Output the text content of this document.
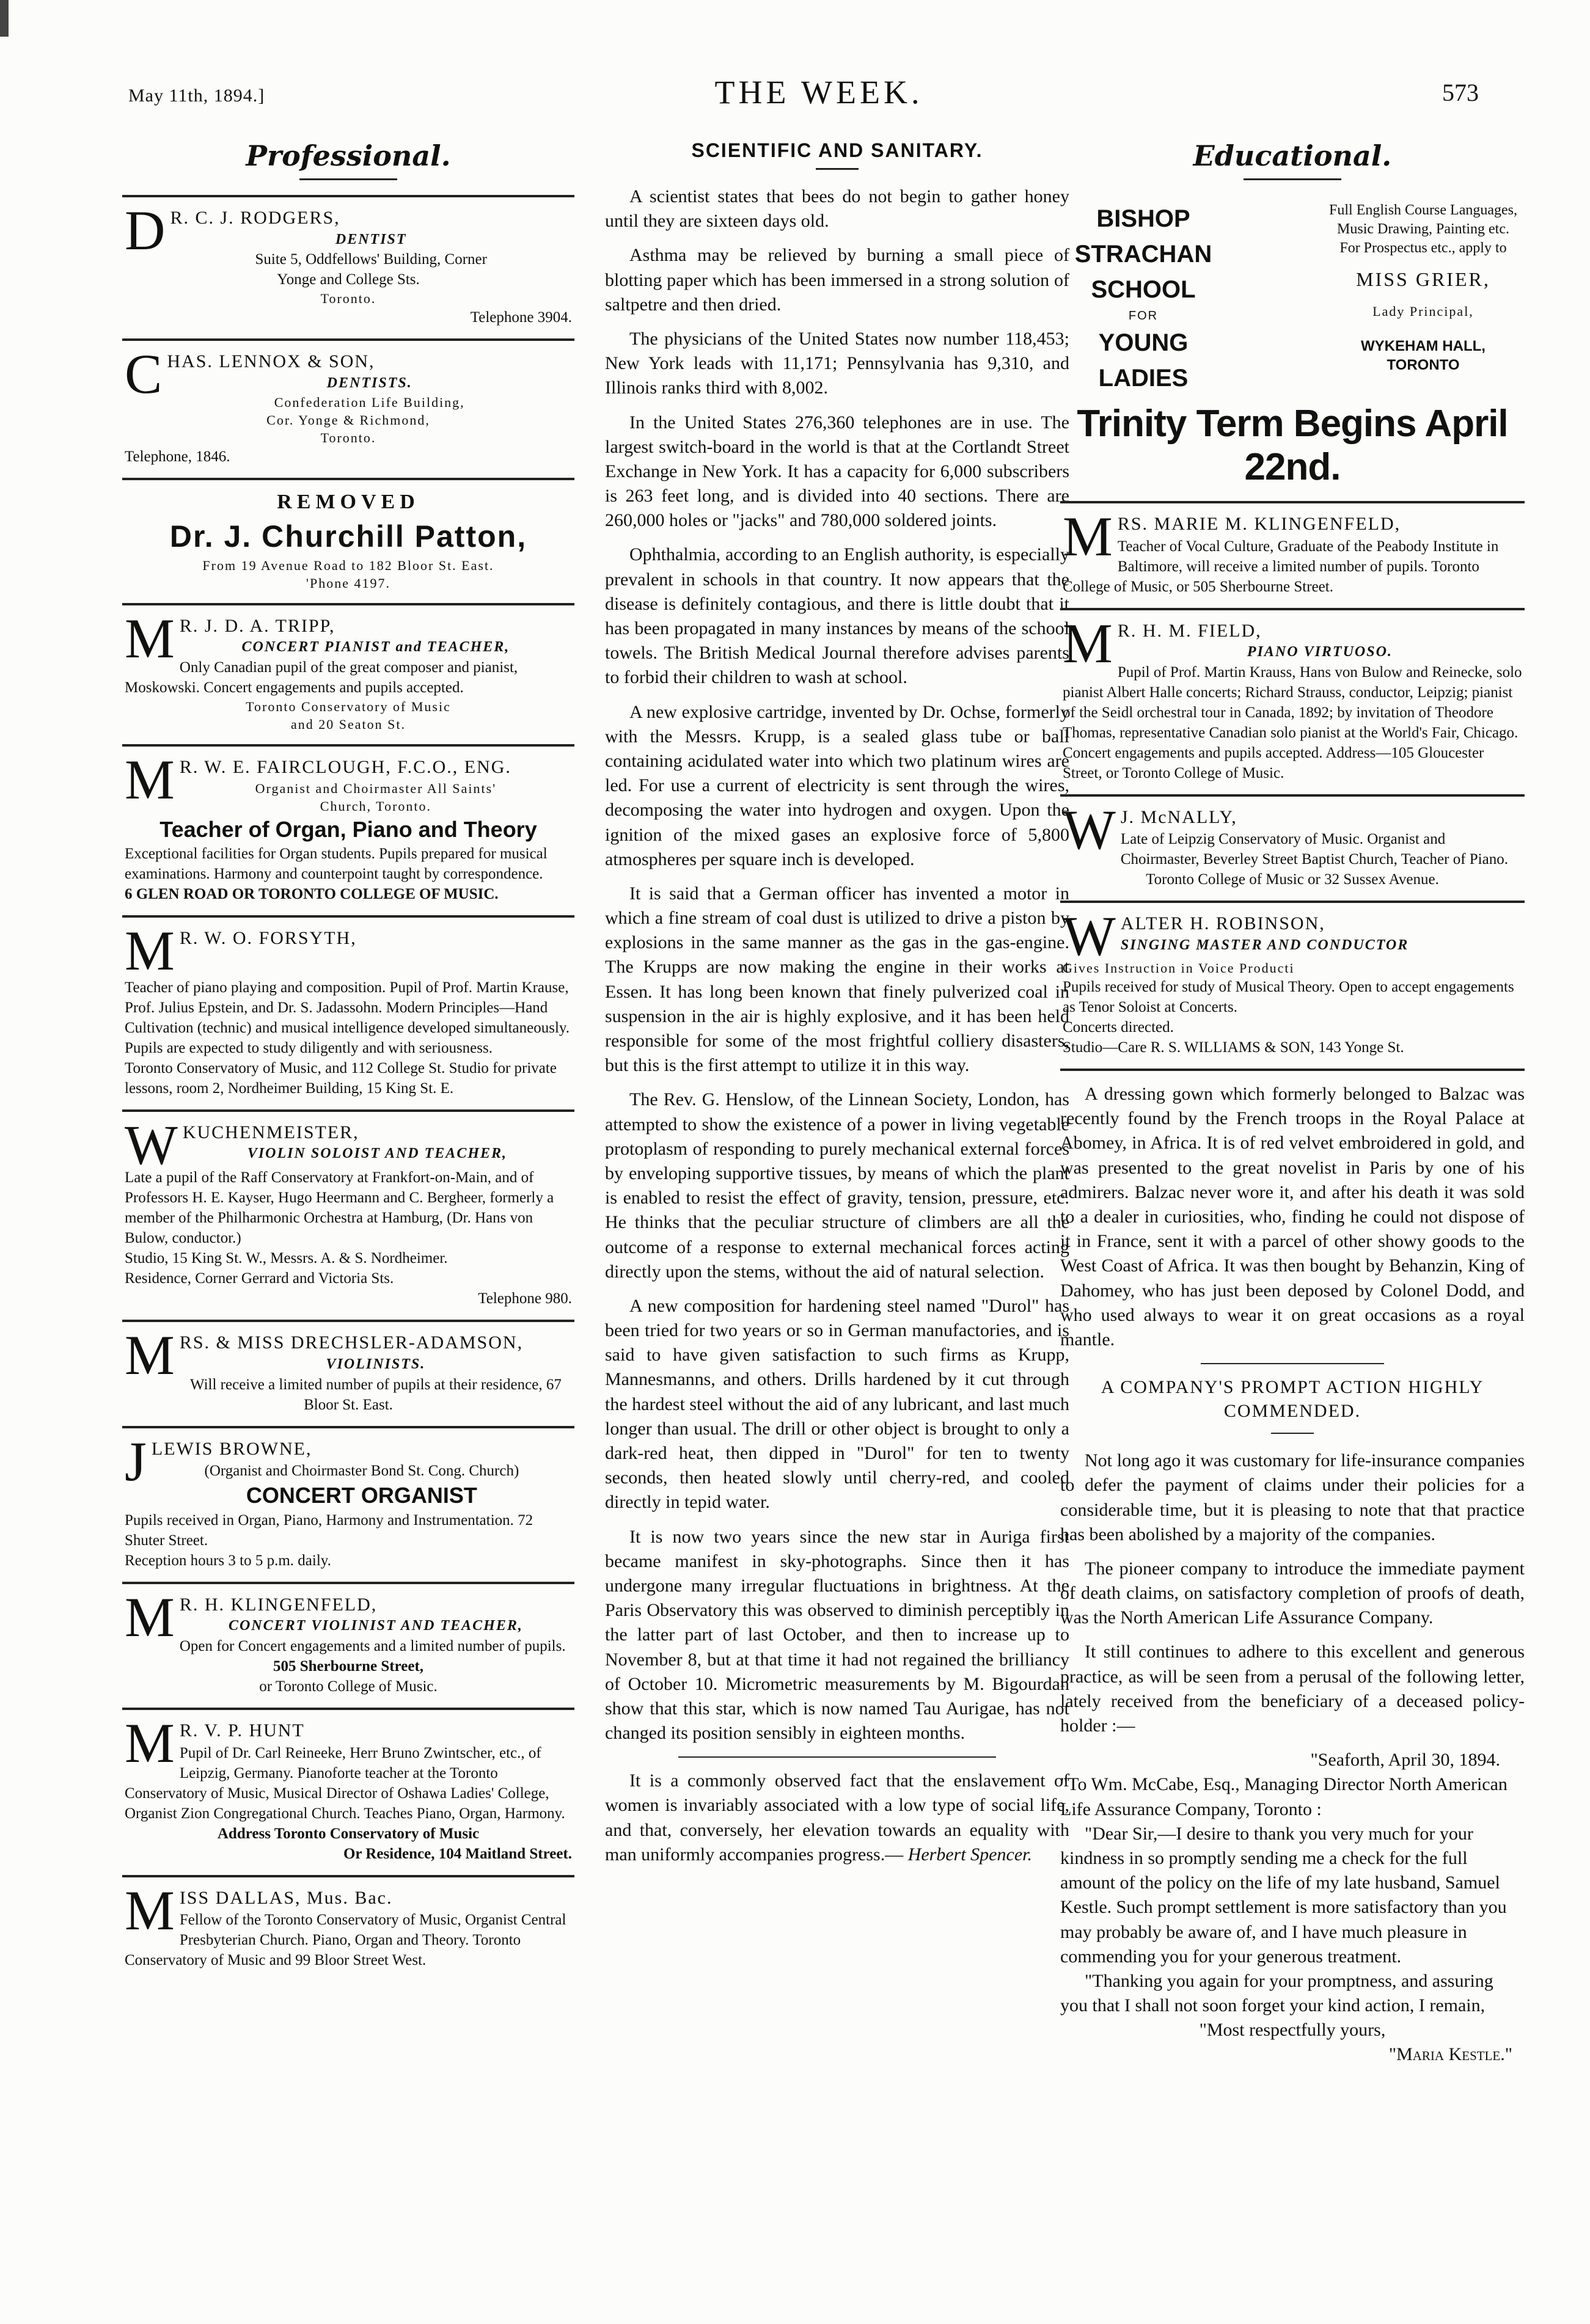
May 11th, 1894.]	THE WEEK.	573
Professional.
D R. C. J. RODGERS,
DENTIST
Suite 5, Oddfellows' Building, Corner
Yonge and College Sts.
Toronto.
Telephone 3904.
C HAS. LENNOX & SON,
DENTISTS.
Confederation Life Building,
Cor. Yonge & Richmond,
Toronto.
Telephone, 1846.
REMOVED
Dr. J. Churchill Patton,
From 19 Avenue Road to 182 Bloor St. East.
'Phone 4197.
M R. J. D. A. TRIPP,
CONCERT PIANIST and TEACHER,
Only Canadian pupil of the great composer and pianist, Moskowski. Concert engagements and pupils accepted.
Toronto Conservatory of Music
and 20 Seaton St.
M R. W. E. FAIRCLOUGH, F.C.O., ENG.
Organist and Choirmaster All Saints'
Church, Toronto.
Teacher of Organ, Piano and Theory
Exceptional facilities for Organ students. Pupils prepared for musical examinations. Harmony and counterpoint taught by correspondence.
6 GLEN ROAD OR TORONTO COLLEGE OF MUSIC.
M R. W. O. FORSYTH,
Teacher of piano playing and composition. Pupil of Prof. Martin Krause, Prof. Julius Epstein, and Dr. S. Jadassohn. Modern Principles—Hand Cultivation (technic) and musical intelligence developed simultaneously. Pupils are expected to study diligently and with seriousness.
Toronto Conservatory of Music, and 112 College St. Studio for private lessons, room 2, Nordheimer Building, 15 King St. E.
W KUCHENMEISTER,
VIOLIN SOLOIST AND TEACHER,
Late a pupil of the Raff Conservatory at Frankfort-on-Main, and of Professors H. E. Kayser, Hugo Heermann and C. Bergheer, formerly a member of the Philharmonic Orchestra at Hamburg, (Dr. Hans von Bulow, conductor.)
Studio, 15 King St. W., Messrs. A. & S. Nordheimer.
Residence, Corner Gerrard and Victoria Sts.
Telephone 980.
M RS. & MISS DRECHSLER-ADAMSON,
VIOLINISTS.
Will receive a limited number of pupils at their residence, 67 Bloor St. East.
J LEWIS BROWNE,
(Organist and Choirmaster Bond St. Cong. Church)
CONCERT ORGANIST
Pupils received in Organ, Piano, Harmony and Instrumentation. 72 Shuter Street.
Reception hours 3 to 5 p.m. daily.
M R. H. KLINGENFELD,
CONCERT VIOLINIST AND TEACHER,
Open for Concert engagements and a limited number of pupils.
505 Sherbourne Street,
or Toronto College of Music.
M R. V. P. HUNT
Pupil of Dr. Carl Reineeke, Herr Bruno Zwintscher, etc., of Leipzig, Germany. Pianoforte teacher at the Toronto Conservatory of Music, Musical Director of Oshawa Ladies' College, Organist Zion Congregational Church. Teaches Piano, Organ, Harmony.
Address Toronto Conservatory of Music
Or Residence, 104 Maitland Street.
M ISS DALLAS, Mus. Bac.
Fellow of the Toronto Conservatory of Music, Organist Central Presbyterian Church. Piano, Organ and Theory. Toronto Conservatory of Music and 99 Bloor Street West.
SCIENTIFIC AND SANITARY.

A scientist states that bees do not begin to gather honey until they are sixteen days old.

Asthma may be relieved by burning a small piece of blotting paper which has been immersed in a strong solution of saltpetre and then dried.

The physicians of the United States now number 118,453; New York leads with 11,171; Pennsylvania has 9,310, and Illinois ranks third with 8,002.

In the United States 276,360 telephones are in use. The largest switch-board in the world is that at the Cortlandt Street Exchange in New York. It has a capacity for 6,000 subscribers is 263 feet long, and is divided into 40 sections. There are 260,000 holes or "jacks" and 780,000 soldered joints.

Ophthalmia, according to an English authority, is especially prevalent in schools in that country. It now appears that the disease is definitely contagious, and there is little doubt that it has been propagated in many instances by means of the school towels. The British Medical Journal therefore advises parents to forbid their children to wash at school.

A new explosive cartridge, invented by Dr. Ochse, formerly with the Messrs. Krupp, is a sealed glass tube or ball containing acidulated water into which two platinum wires are led. For use a current of electricity is sent through the wires, decomposing the water into hydrogen and oxygen. Upon the ignition of the mixed gases an explosive force of 5,800 atmospheres per square inch is developed.

It is said that a German officer has invented a motor in which a fine stream of coal dust is utilized to drive a piston by explosions in the same manner as the gas in the gas-engine. The Krupps are now making the engine in their works at Essen. It has long been known that finely pulverized coal in suspension in the air is highly explosive, and it has been held responsible for some of the most frightful colliery disasters, but this is the first attempt to utilize it in this way.

The Rev. G. Henslow, of the Linnean Society, London, has attempted to show the existence of a power in living vegetable protoplasm of responding to purely mechanical external forces by enveloping supportive tissues, by means of which the plant is enabled to resist the effect of gravity, tension, pressure, etc. He thinks that the peculiar structure of climbers are all the outcome of a response to external mechanical forces acting directly upon the stems, without the aid of natural selection.

A new composition for hardening steel named "Durol" has been tried for two years or so in German manufactories, and is said to have given satisfaction to such firms as Krupp, Mannesmanns, and others. Drills hardened by it cut through the hardest steel without the aid of any lubricant, and last much longer than usual. The drill or other object is brought to only a dark-red heat, then dipped in "Durol" for ten to twenty seconds, then heated slowly until cherry-red, and cooled directly in tepid water.

It is now two years since the new star in Auriga first became manifest in sky-photographs. Since then it has undergone many irregular fluctuations in brightness. At the Paris Observatory this was observed to diminish perceptibly in the latter part of last October, and then to increase up to November 8, but at that time it had not regained the brilliancy of October 10. Micrometric measurements by M. Bigourdan show that this star, which is now named Tau Aurigae, has not changed its position sensibly in eighteen months.

It is a commonly observed fact that the enslavement of women is invariably associated with a low type of social life, and that, conversely, her elevation towards an equality with man uniformly accompanies progress.— Herbert Spencer.

Educational.
BISHOP
STRACHAN
SCHOOL
FOR
YOUNG LADIES
Full English Course Languages, Music Drawing, Painting etc. For Prospectus etc., apply to
MISS GRIER,
Lady Principal,
WYKEHAM HALL, TORONTO
Trinity Term Begins April 22nd.
M RS. MARIE M. KLINGENFELD,
Teacher of Vocal Culture, Graduate of the Peabody Institute in Baltimore, will receive a limited number of pupils. Toronto College of Music, or 505 Sherbourne Street.
M R. H. M. FIELD,
PIANO VIRTUOSO.
Pupil of Prof. Martin Krauss, Hans von Bulow and Reinecke, solo pianist Albert Halle concerts; Richard Strauss, conductor, Leipzig; pianist of the Seidl orchestral tour in Canada, 1892; by invitation of Theodore Thomas, representative Canadian solo pianist at the World's Fair, Chicago. Concert engagements and pupils accepted. Address—105 Gloucester Street, or Toronto College of Music.
W J. McNALLY,
Late of Leipzig Conservatory of Music. Organist and Choirmaster, Beverley Street Baptist Church, Teacher of Piano.
Toronto College of Music or 32 Sussex Avenue.
W ALTER H. ROBINSON,
SINGING MASTER AND CONDUCTOR
Gives Instruction in Voice Producti
Pupils received for study of Musical Theory. Open to accept engagements as Tenor Soloist at Concerts.
Concerts directed.
Studio—Care R. S. WILLIAMS & SON, 143 Yonge St.

A dressing gown which formerly belonged to Balzac was recently found by the French troops in the Royal Palace at Abomey, in Africa. It is of red velvet embroidered in gold, and was presented to the great novelist in Paris by one of his admirers. Balzac never wore it, and after his death it was sold to a dealer in curiosities, who, finding he could not dispose of it in France, sent it with a parcel of other showy goods to the West Coast of Africa. It was then bought by Behanzin, King of Dahomey, who has just been deposed by Colonel Dodd, and who used always to wear it on great occasions as a royal mantle.

A COMPANY'S PROMPT ACTION HIGHLY COMMENDED.

Not long ago it was customary for life-insurance companies to defer the payment of claims under their policies for a considerable time, but it is pleasing to note that that practice has been abolished by a majority of the companies.

The pioneer company to introduce the immediate payment of death claims, on satisfactory completion of proofs of death, was the North American Life Assurance Company.

It still continues to adhere to this excellent and generous practice, as will be seen from a perusal of the following letter, lately received from the beneficiary of a deceased policy-holder :—

"Seaforth, April 30, 1894.
"To Wm. McCabe, Esq., Managing Director North American Life Assurance Company, Toronto :
"Dear Sir,—I desire to thank you very much for your kindness in so promptly sending me a check for the full amount of the policy on the life of my late husband, Samuel Kestle. Such prompt settlement is more satisfactory than you may probably be aware of, and I have much pleasure in commending you for your generous treatment.
"Thanking you again for your promptness, and assuring you that I shall not soon forget your kind action, I remain,
"Most respectfully yours,
"Maria Kestle."
